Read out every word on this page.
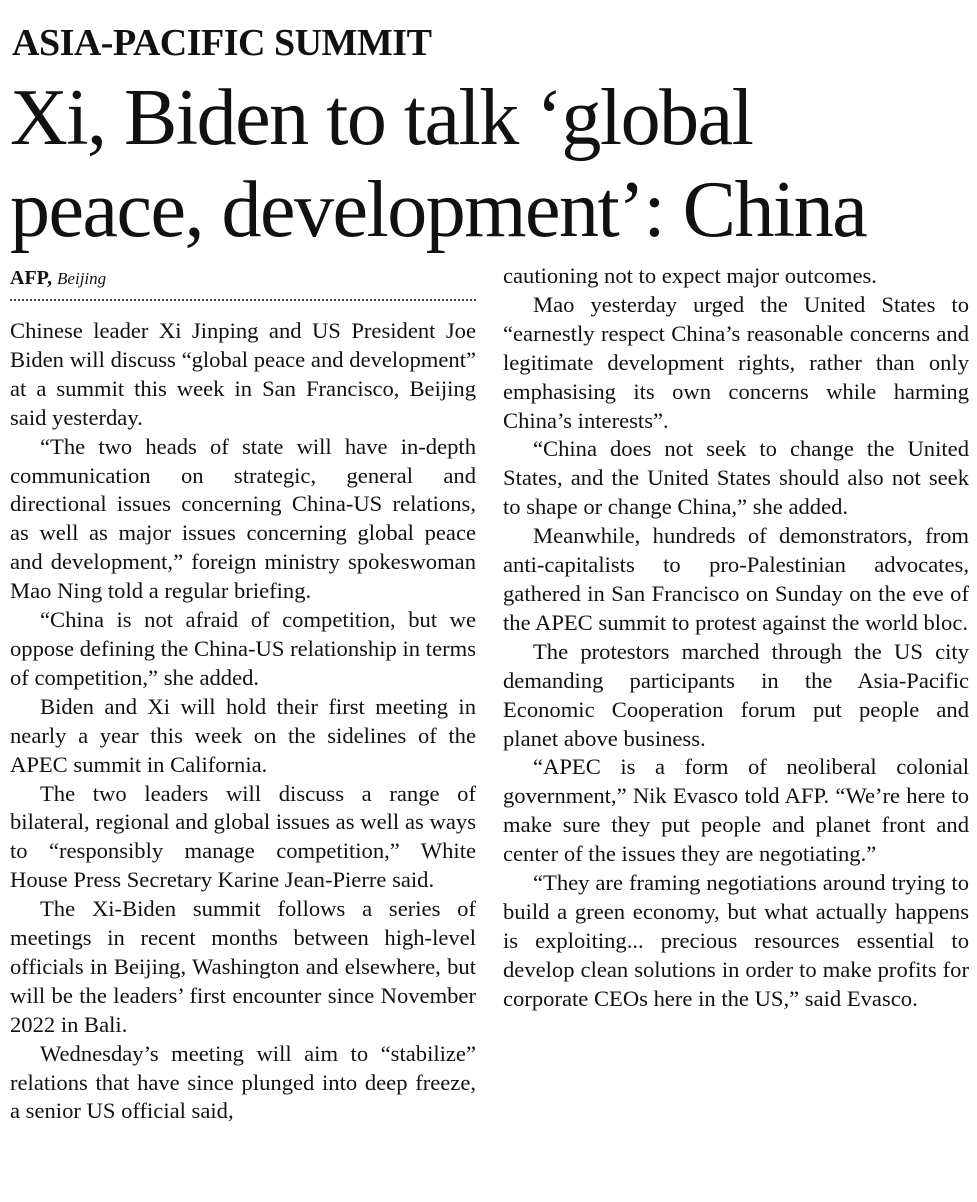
ASIA-PACIFIC SUMMIT
Xi, Biden to talk ‘global
peace, development’: China
AFP, Beijing

Chinese leader Xi Jinping and US President Joe Biden will discuss “global peace and development” at a summit this week in San Francisco, Beijing said yesterday.

“The two heads of state will have in-depth communication on strategic, general and directional issues concerning China-US relations, as well as major issues concerning global peace and development,” foreign ministry spokeswoman Mao Ning told a regular briefing.

“China is not afraid of competition, but we oppose defining the China-US relationship in terms of competition,” she added.

Biden and Xi will hold their first meeting in nearly a year this week on the sidelines of the APEC summit in California.

The two leaders will discuss a range of bilateral, regional and global issues as well as ways to “responsibly manage competition,” White House Press Secretary Karine Jean-Pierre said.

The Xi-Biden summit follows a series of meetings in recent months between high-level officials in Beijing, Washington and elsewhere, but will be the leaders’ first encounter since November 2022 in Bali.

Wednesday’s meeting will aim to “stabilize” relations that have since plunged into deep freeze, a senior US official said,

cautioning not to expect major outcomes.

Mao yesterday urged the United States to “earnestly respect China’s reasonable concerns and legitimate development rights, rather than only emphasising its own concerns while harming China’s interests”.

“China does not seek to change the United States, and the United States should also not seek to shape or change China,” she added.

Meanwhile, hundreds of demonstrators, from anti-capitalists to pro-Palestinian advocates, gathered in San Francisco on Sunday on the eve of the APEC summit to protest against the world bloc.

The protestors marched through the US city demanding participants in the Asia-Pacific Economic Cooperation forum put people and planet above business.

“APEC is a form of neoliberal colonial government,” Nik Evasco told AFP. “We’re here to make sure they put people and planet front and center of the issues they are negotiating.”

“They are framing negotiations around trying to build a green economy, but what actually happens is exploiting... precious resources essential to develop clean solutions in order to make profits for corporate CEOs here in the US,” said Evasco.
